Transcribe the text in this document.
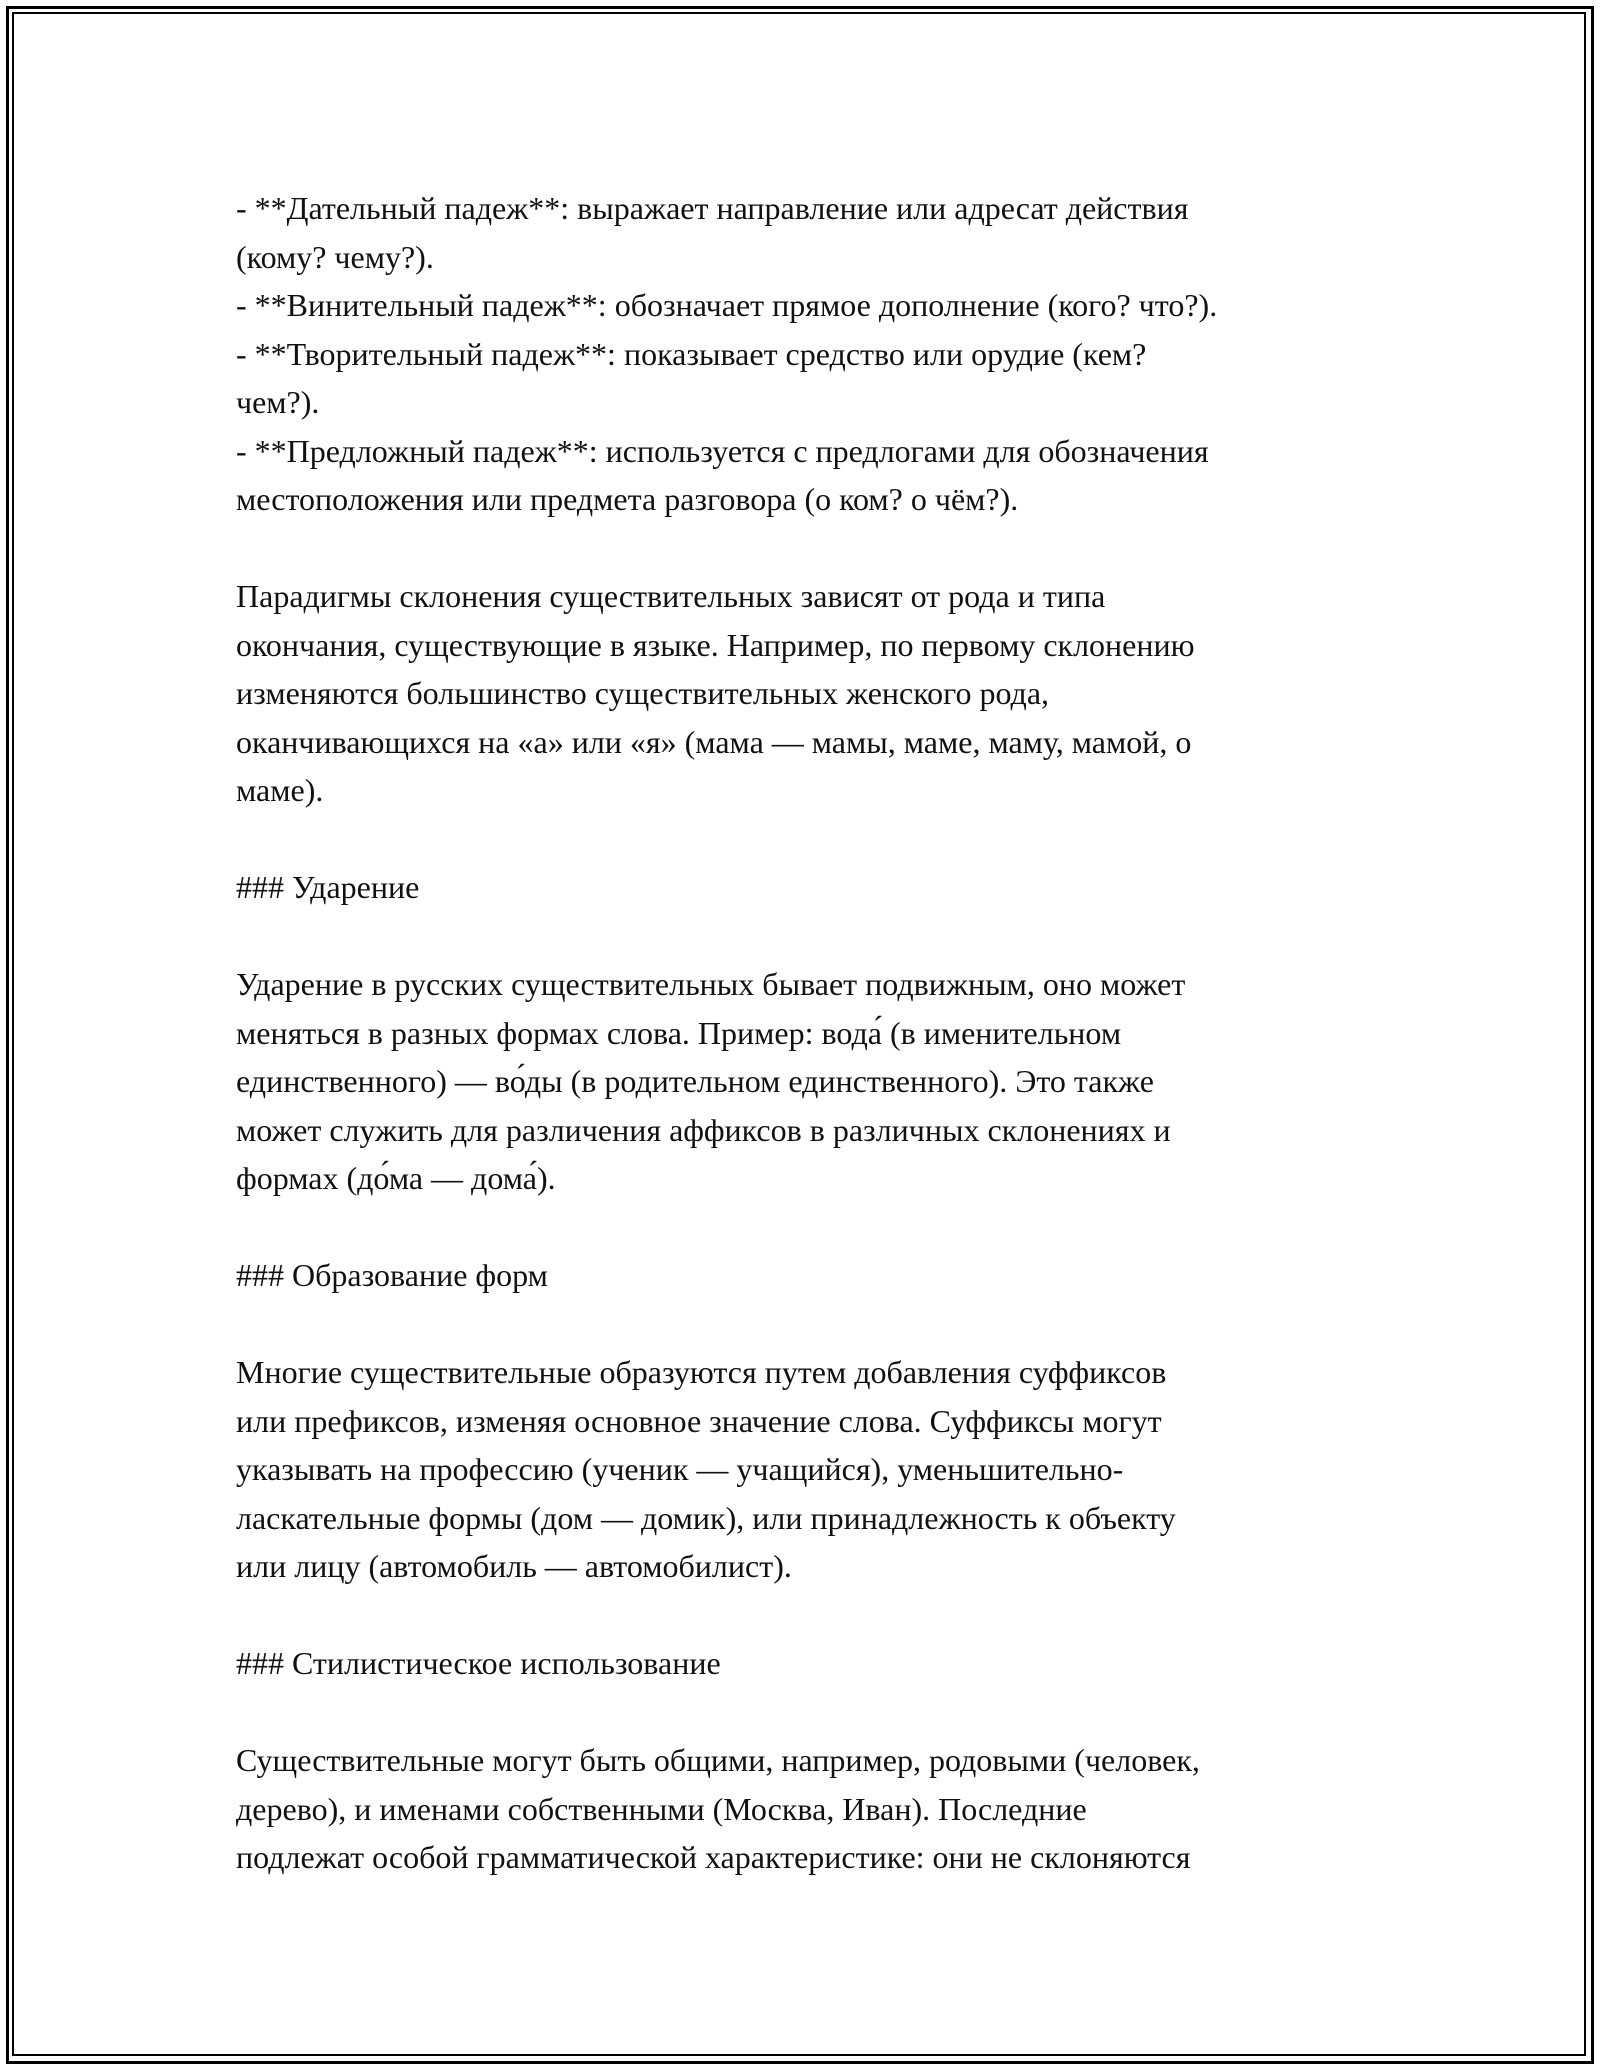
- **Дательный падеж**: выражает направление или адресат действия
(кому? чему?).
- **Винительный падеж**: обозначает прямое дополнение (кого? что?).
- **Творительный падеж**: показывает средство или орудие (кем?
чем?).
- **Предложный падеж**: используется с предлогами для обозначения
местоположения или предмета разговора (о ком? о чём?).
Парадигмы склонения существительных зависят от рода и типа
окончания, существующие в языке. Например, по первому склонению
изменяются большинство существительных женского рода,
оканчивающихся на «а» или «я» (мама — мамы, маме, маму, мамой, о
маме).
### Ударение
Ударение в русских существительных бывает подвижным, оно может
меняться в разных формах слова. Пример: вода́ (в именительном
единственного) — во́ды (в родительном единственного). Это также
может служить для различения аффиксов в различных склонениях и
формах (до́ма — дома́).
### Образование форм
Многие существительные образуются путем добавления суффиксов
или префиксов, изменяя основное значение слова. Суффиксы могут
указывать на профессию (ученик — учащийся), уменьшительно-
ласкательные формы (дом — домик), или принадлежность к объекту
или лицу (автомобиль — автомобилист).
### Стилистическое использование
Существительные могут быть общими, например, родовыми (человек,
дерево), и именами собственными (Москва, Иван). Последние
подлежат особой грамматической характеристике: они не склоняются
